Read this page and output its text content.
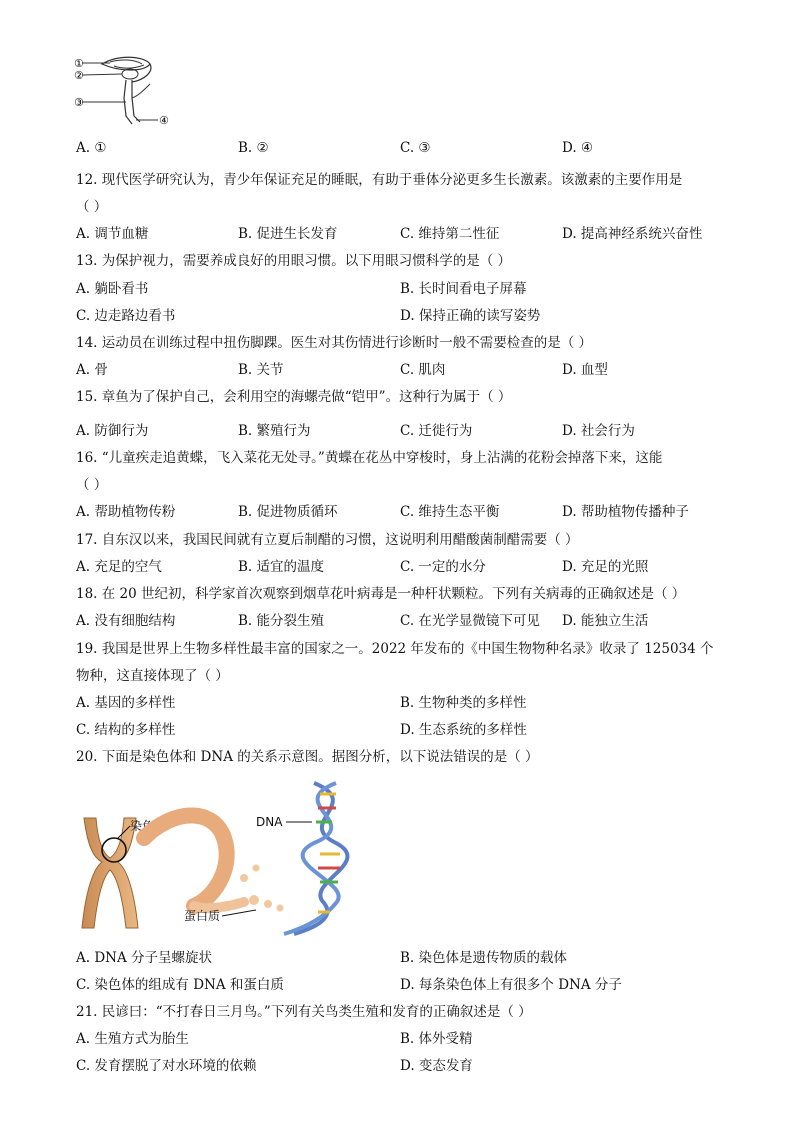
①
②
③
④
A. ①	B. ②	C. ③	D. ④
12. 现代医学研究认为，青少年保证充足的睡眠，有助于垂体分泌更多生长激素。该激素的主要作用是
（ ）
A. 调节血糖	B. 促进生长发育	C. 维持第二性征	D. 提高神经系统兴奋性
13. 为保护视力，需要养成良好的用眼习惯。以下用眼习惯科学的是（ ）
A. 躺卧看书	B. 长时间看电子屏幕
C. 边走路边看书	D. 保持正确的读写姿势
14. 运动员在训练过程中扭伤脚踝。医生对其伤情进行诊断时一般不需要检查的是（ ）
A. 骨	B. 关节	C. 肌肉	D. 血型
15. 章鱼为了保护自己，会利用空的海螺壳做“铠甲”。这种行为属于（ ）
A. 防御行为	B. 繁殖行为	C. 迁徙行为	D. 社会行为
16. “儿童疾走追黄蝶，飞入菜花无处寻。”黄蝶在花丛中穿梭时，身上沾满的花粉会掉落下来，这能
（ ）
A. 帮助植物传粉	B. 促进物质循环	C. 维持生态平衡	D. 帮助植物传播种子
17. 自东汉以来，我国民间就有立夏后制醋的习惯，这说明利用醋酸菌制醋需要（ ）
A. 充足的空气	B. 适宜的温度	C. 一定的水分	D. 充足的光照
18. 在 20 世纪初，科学家首次观察到烟草花叶病毒是一种杆状颗粒。下列有关病毒的正确叙述是（ ）
A. 没有细胞结构	B. 能分裂生殖	C. 在光学显微镜下可见 D. 能独立生活
19. 我国是世界上生物多样性最丰富的国家之一。2022 年发布的《中国生物物种名录》收录了 125034 个
物种，这直接体现了（ ）
A. 基因的多样性	B. 生物种类的多样性
C. 结构的多样性	D. 生态系统的多样性
20. 下面是染色体和 DNA 的关系示意图。据图分析，以下说法错误的是（ ）
染色体
蛋白质
DNA
A. DNA 分子呈螺旋状	B. 染色体是遗传物质的载体
C. 染色体的组成有 DNA 和蛋白质	D. 每条染色体上有很多个 DNA 分子
21. 民谚曰：“不打春日三月鸟。”下列有关鸟类生殖和发育的正确叙述是（ ）
A. 生殖方式为胎生	B. 体外受精
C. 发育摆脱了对水环境的依赖	D. 变态发育
